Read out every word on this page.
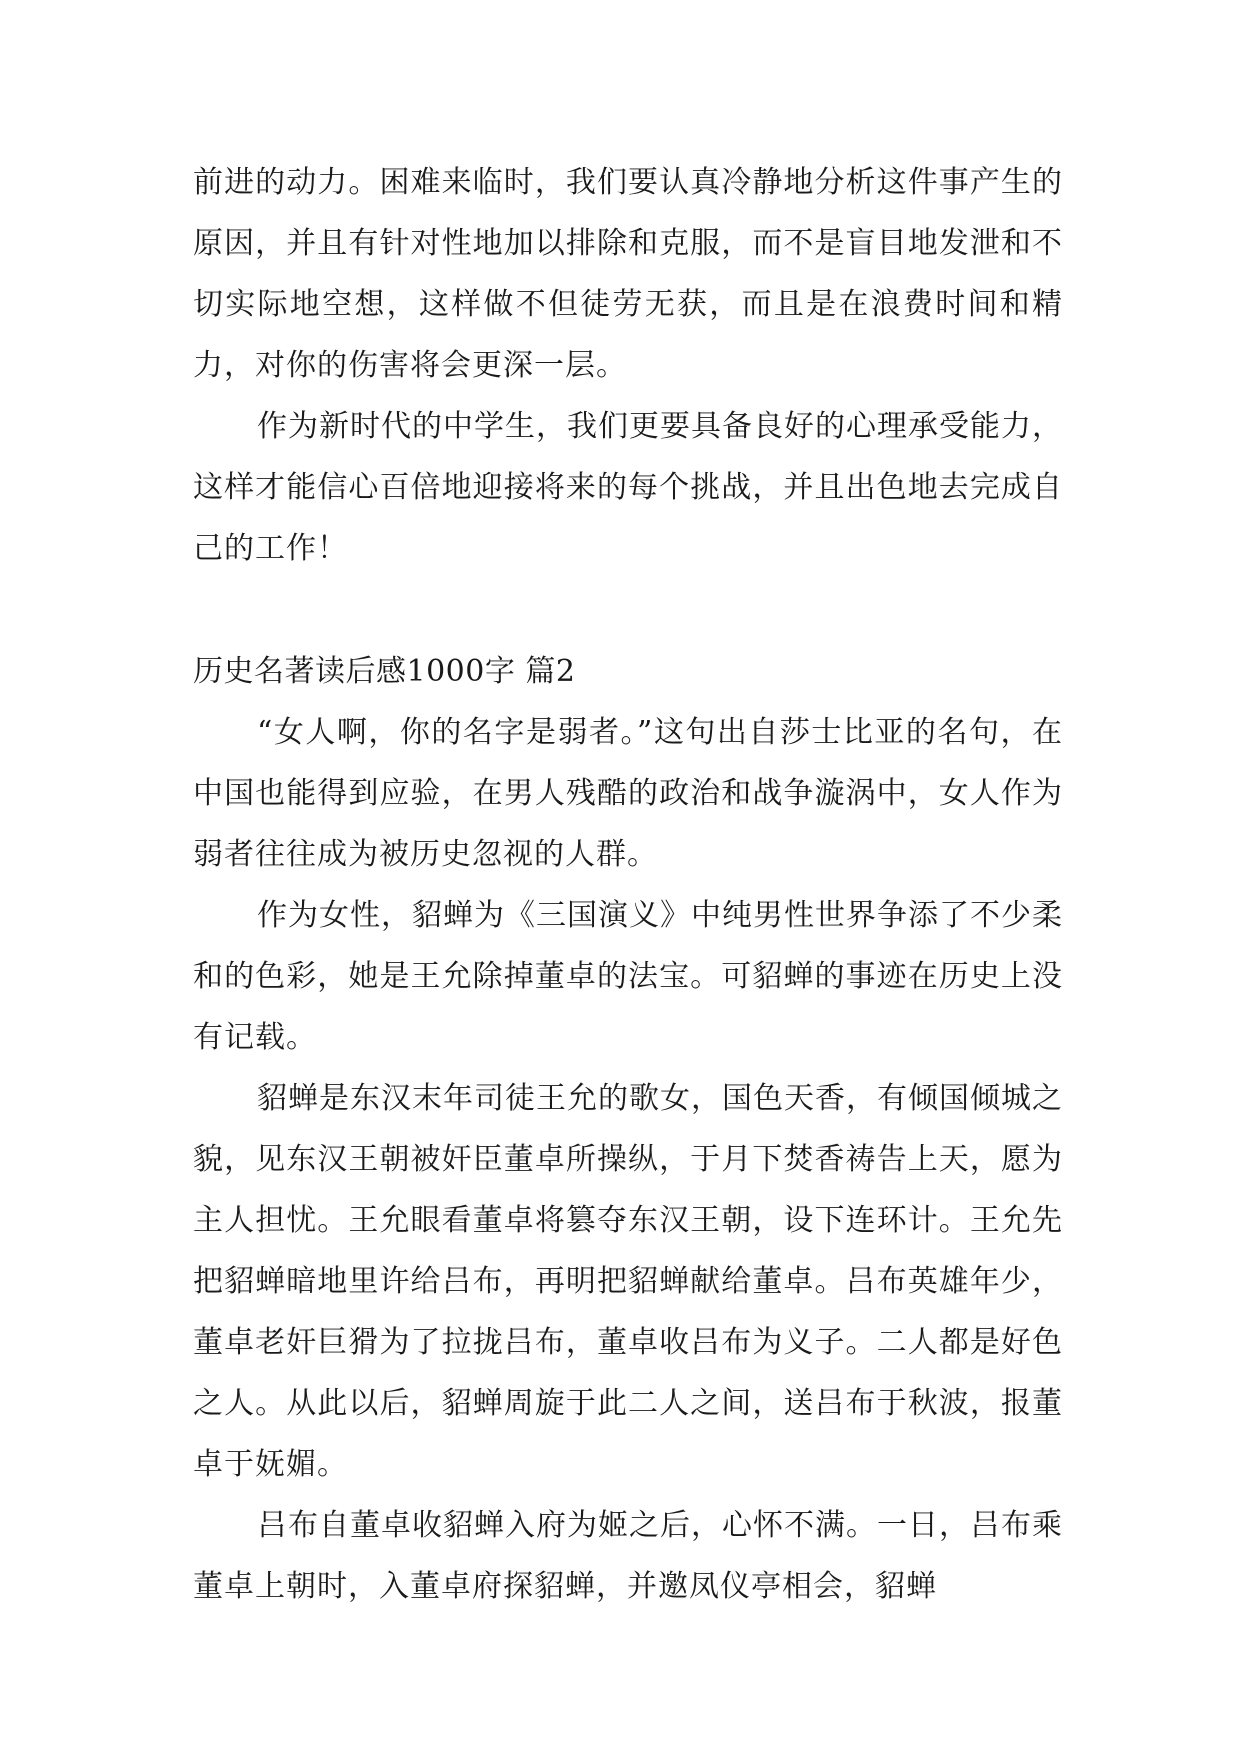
前进的动力。困难来临时，我们要认真冷静地分析这件事产生的原因，并且有针对性地加以排除和克服，而不是盲目地发泄和不切实际地空想，这样做不但徒劳无获，而且是在浪费时间和精力，对你的伤害将会更深一层。

作为新时代的中学生，我们更要具备良好的心理承受能力，这样才能信心百倍地迎接将来的每个挑战，并且出色地去完成自己的工作！

历史名著读后感1000字 篇2

“女人啊，你的名字是弱者。”这句出自莎士比亚的名句，在中国也能得到应验，在男人残酷的政治和战争漩涡中，女人作为弱者往往成为被历史忽视的人群。

作为女性，貂蝉为《三国演义》中纯男性世界争添了不少柔和的色彩，她是王允除掉董卓的法宝。可貂蝉的事迹在历史上没有记载。

貂蝉是东汉末年司徒王允的歌女，国色天香，有倾国倾城之貌，见东汉王朝被奸臣董卓所操纵，于月下焚香祷告上天，愿为主人担忧。王允眼看董卓将篡夺东汉王朝，设下连环计。王允先把貂蝉暗地里许给吕布，再明把貂蝉献给董卓。吕布英雄年少，董卓老奸巨猾为了拉拢吕布，董卓收吕布为义子。二人都是好色之人。从此以后，貂蝉周旋于此二人之间，送吕布于秋波，报董卓于妩媚。

吕布自董卓收貂蝉入府为姬之后，心怀不满。一日，吕布乘董卓上朝时，入董卓府探貂蝉，并邀凤仪亭相会，貂蝉
